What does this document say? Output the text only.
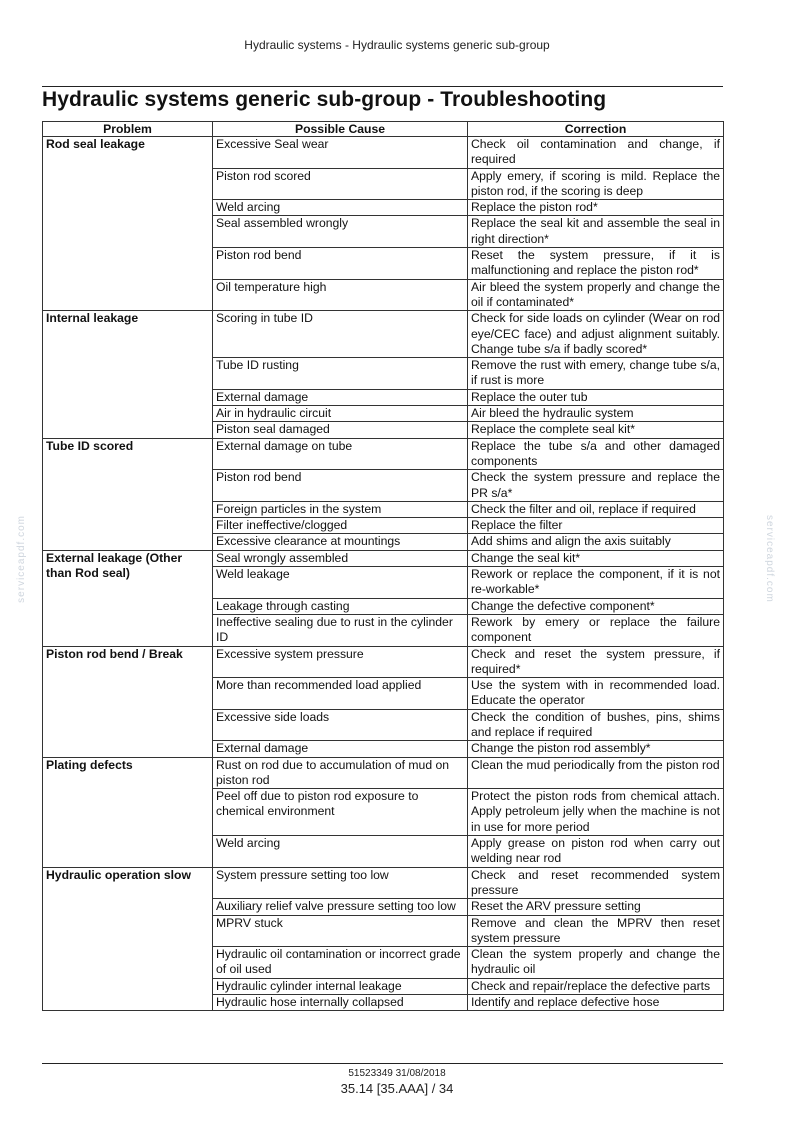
Hydraulic systems - Hydraulic systems generic sub-group
Hydraulic systems generic sub-group - Troubleshooting
Problem	Possible Cause	Correction
Rod seal leakage	Excessive Seal wear	Check oil contamination and change, if required
	Piston rod scored	Apply emery, if scoring is mild. Replace the piston rod, if the scoring is deep
	Weld arcing	Replace the piston rod*
	Seal assembled wrongly	Replace the seal kit and assemble the seal in right direction*
	Piston rod bend	Reset the system pressure, if it is malfunctioning and replace the piston rod*
	Oil temperature high	Air bleed the system properly and change the oil if contaminated*
Internal leakage	Scoring in tube ID	Check for side loads on cylinder (Wear on rod eye/CEC face) and adjust alignment suitably. Change tube s/a if badly scored*
	Tube ID rusting	Remove the rust with emery, change tube s/a, if rust is more
	External damage	Replace the outer tub
	Air in hydraulic circuit	Air bleed the hydraulic system
	Piston seal damaged	Replace the complete seal kit*
Tube ID scored	External damage on tube	Replace the tube s/a and other damaged components
	Piston rod bend	Check the system pressure and replace the PR s/a*
	Foreign particles in the system	Check the filter and oil, replace if required
	Filter ineffective/clogged	Replace the filter
	Excessive clearance at mountings	Add shims and align the axis suitably
External leakage (Other than Rod seal)	Seal wrongly assembled	Change the seal kit*
	Weld leakage	Rework or replace the component, if it is not re-workable*
	Leakage through casting	Change the defective component*
	Ineffective sealing due to rust in the cylinder ID	Rework by emery or replace the failure component
Piston rod bend / Break	Excessive system pressure	Check and reset the system pressure, if required*
	More than recommended load applied	Use the system with in recommended load. Educate the operator
	Excessive side loads	Check the condition of bushes, pins, shims and replace if required
	External damage	Change the piston rod assembly*
Plating defects	Rust on rod due to accumulation of mud on piston rod	Clean the mud periodically from the piston rod
	Peel off due to piston rod exposure to chemical environment	Protect the piston rods from chemical attach. Apply petroleum jelly when the machine is not in use for more period
	Weld arcing	Apply grease on piston rod when carry out welding near rod
Hydraulic operation slow	System pressure setting too low	Check and reset recommended system pressure
	Auxiliary relief valve pressure setting too low	Reset the ARV pressure setting
	MPRV stuck	Remove and clean the MPRV then reset system pressure
	Hydraulic oil contamination or incorrect grade of oil used	Clean the system properly and change the hydraulic oil
	Hydraulic cylinder internal leakage	Check and repair/replace the defective parts
	Hydraulic hose internally collapsed	Identify and replace defective hose
serviceapdf.com	serviceapdf.com
51523349 31/08/2018
35.14 [35.AAA] / 34
